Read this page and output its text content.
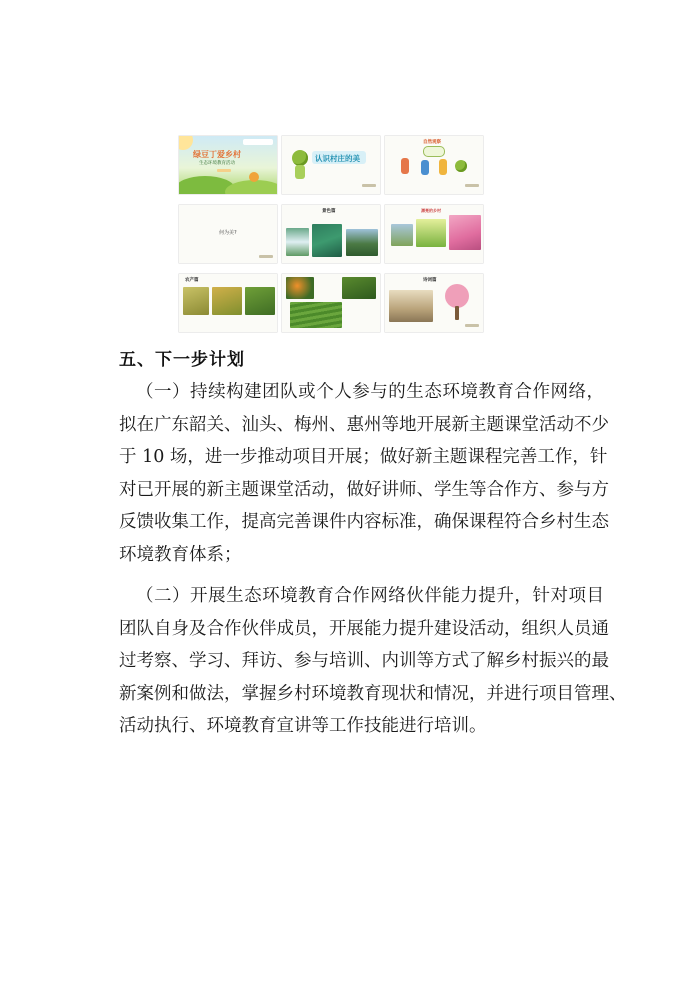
绿豆丁爱乡村
生态环境教育活动
认识村庄的美
自然观察
何为美?
景色篇	漂亮的乡村
农产篇	诗词篇
五、下一步计划
（一）持续构建团队或个人参与的生态环境教育合作网络，
拟在广东韶关、汕头、梅州、惠州等地开展新主题课堂活动不少
于 10 场，进一步推动项目开展；做好新主题课程完善工作，针
对已开展的新主题课堂活动，做好讲师、学生等合作方、参与方
反馈收集工作，提高完善课件内容标准，确保课程符合乡村生态
环境教育体系；
（二）开展生态环境教育合作网络伙伴能力提升，针对项目
团队自身及合作伙伴成员，开展能力提升建设活动，组织人员通
过考察、学习、拜访、参与培训、内训等方式了解乡村振兴的最
新案例和做法，掌握乡村环境教育现状和情况，并进行项目管理、
活动执行、环境教育宣讲等工作技能进行培训。
